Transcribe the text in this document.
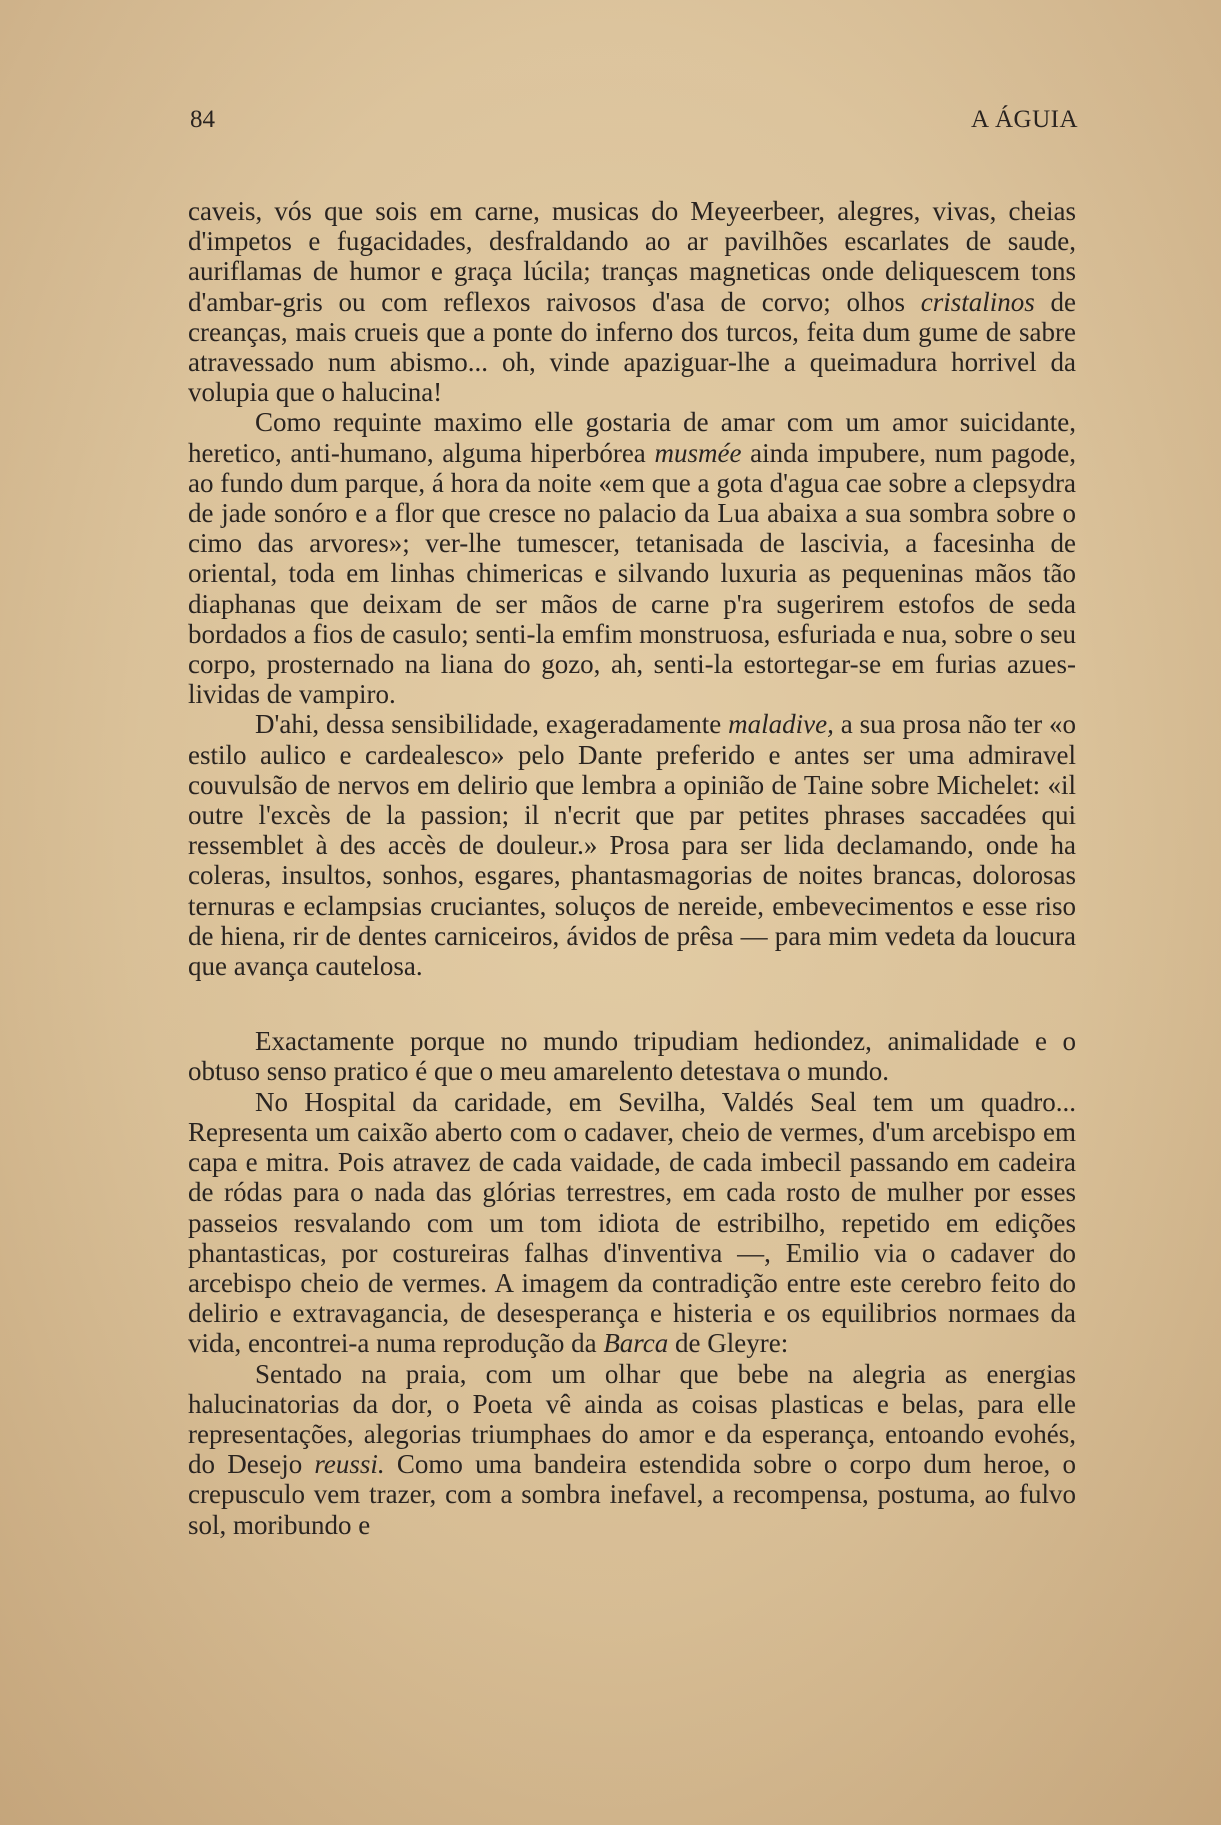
84	A ÁGUIA

caveis, vós que sois em carne, musicas do Meyeerbeer, alegres, vivas, cheias d'impetos e fugacidades, desfraldando ao ar pavilhões escarlates de saude, auriflamas de humor e graça lúcila; tranças magneticas onde deliquescem tons d'ambar-gris ou com reflexos raivosos d'asa de corvo; olhos cristalinos de creanças, mais crueis que a ponte do inferno dos turcos, feita dum gume de sabre atravessado num abismo... oh, vinde apaziguar-lhe a queimadura horrivel da volupia que o halucina!

Como requinte maximo elle gostaria de amar com um amor suicidante, heretico, anti-humano, alguma hiperbórea musmée ainda impubere, num pagode, ao fundo dum parque, á hora da noite «em que a gota d'agua cae sobre a clepsydra de jade sonóro e a flor que cresce no palacio da Lua abaixa a sua sombra sobre o cimo das arvores»; ver-lhe tumescer, tetanisada de lascivia, a facesinha de oriental, toda em linhas chimericas e silvando luxuria as pequeninas mãos tão diaphanas que deixam de ser mãos de carne p'ra sugerirem estofos de seda bordados a fios de casulo; senti-la emfim monstruosa, esfuriada e nua, sobre o seu corpo, prosternado na liana do gozo, ah, senti-la estortegar-se em furias azues-lividas de vampiro.

D'ahi, dessa sensibilidade, exageradamente maladive, a sua prosa não ter «o estilo aulico e cardealesco» pelo Dante preferido e antes ser uma admiravel couvulsão de nervos em delirio que lembra a opinião de Taine sobre Michelet: «il outre l'excès de la passion; il n'ecrit que par petites phrases saccadées qui ressemblet à des accès de douleur.» Prosa para ser lida declamando, onde ha coleras, insultos, sonhos, esgares, phantasmagorias de noites brancas, dolorosas ternuras e eclampsias cruciantes, soluços de nereide, embevecimentos e esse riso de hiena, rir de dentes carniceiros, ávidos de prêsa — para mim vedeta da loucura que avança cautelosa.

Exactamente porque no mundo tripudiam hediondez, animalidade e o obtuso senso pratico é que o meu amarelento detestava o mundo.

No Hospital da caridade, em Sevilha, Valdés Seal tem um quadro... Representa um caixão aberto com o cadaver, cheio de vermes, d'um arcebispo em capa e mitra. Pois atravez de cada vaidade, de cada imbecil passando em cadeira de ródas para o nada das glórias terrestres, em cada rosto de mulher por esses passeios resvalando com um tom idiota de estribilho, repetido em edições phantasticas, por costureiras falhas d'inventiva —, Emilio via o cadaver do arcebispo cheio de vermes. A imagem da contradição entre este cerebro feito do delirio e extravagancia, de desesperança e histeria e os equilibrios normaes da vida, encontrei-a numa reprodução da Barca de Gleyre:

Sentado na praia, com um olhar que bebe na alegria as energias halucinatorias da dor, o Poeta vê ainda as coisas plasticas e belas, para elle representações, alegorias triumphaes do amor e da esperança, entoando evohés, do Desejo reussi. Como uma bandeira estendida sobre o corpo dum heroe, o crepusculo vem trazer, com a sombra inefavel, a recompensa, postuma, ao fulvo sol, moribundo e
